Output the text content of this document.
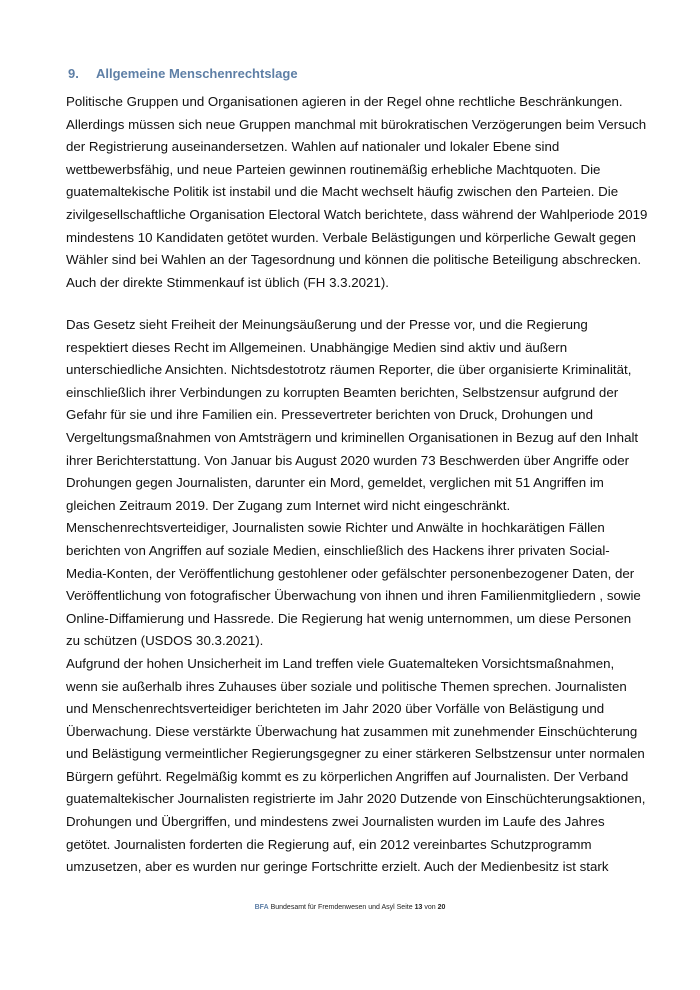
9. Allgemeine Menschenrechtslage
Politische Gruppen und Organisationen agieren in der Regel ohne rechtliche Beschränkungen.
Allerdings müssen sich neue Gruppen manchmal mit bürokratischen Verzögerungen beim Versuch
der Registrierung auseinandersetzen. Wahlen auf nationaler und lokaler Ebene sind
wettbewerbsfähig, und neue Parteien gewinnen routinemäßig erhebliche Machtquoten. Die
guatemaltekische Politik ist instabil und die Macht wechselt häufig zwischen den Parteien. Die
zivilgesellschaftliche Organisation Electoral Watch berichtete, dass während der Wahlperiode 2019
mindestens 10 Kandidaten getötet wurden. Verbale Belästigungen und körperliche Gewalt gegen
Wähler sind bei Wahlen an der Tagesordnung und können die politische Beteiligung abschrecken.
Auch der direkte Stimmenkauf ist üblich (FH 3.3.2021).
Das Gesetz sieht Freiheit der Meinungsäußerung und der Presse vor, und die Regierung
respektiert dieses Recht im Allgemeinen. Unabhängige Medien sind aktiv und äußern
unterschiedliche Ansichten. Nichtsdestotrotz räumen Reporter, die über organisierte Kriminalität,
einschließlich ihrer Verbindungen zu korrupten Beamten berichten, Selbstzensur aufgrund der
Gefahr für sie und ihre Familien ein. Pressevertreter berichten von Druck, Drohungen und
Vergeltungsmaßnahmen von Amtsträgern und kriminellen Organisationen in Bezug auf den Inhalt
ihrer Berichterstattung. Von Januar bis August 2020 wurden 73 Beschwerden über Angriffe oder
Drohungen gegen Journalisten, darunter ein Mord, gemeldet, verglichen mit 51 Angriffen im
gleichen Zeitraum 2019. Der Zugang zum Internet wird nicht eingeschränkt.
Menschenrechtsverteidiger, Journalisten sowie Richter und Anwälte in hochkarätigen Fällen
berichten von Angriffen auf soziale Medien, einschließlich des Hackens ihrer privaten Social-
Media-Konten, der Veröffentlichung gestohlener oder gefälschter personenbezogener Daten, der
Veröffentlichung von fotografischer Überwachung von ihnen und ihren Familienmitgliedern , sowie
Online-Diffamierung und Hassrede. Die Regierung hat wenig unternommen, um diese Personen
zu schützen (USDOS 30.3.2021).
Aufgrund der hohen Unsicherheit im Land treffen viele Guatemalteken Vorsichtsmaßnahmen,
wenn sie außerhalb ihres Zuhauses über soziale und politische Themen sprechen. Journalisten
und Menschenrechtsverteidiger berichteten im Jahr 2020 über Vorfälle von Belästigung und
Überwachung. Diese verstärkte Überwachung hat zusammen mit zunehmender Einschüchterung
und Belästigung vermeintlicher Regierungsgegner zu einer stärkeren Selbstzensur unter normalen
Bürgern geführt. Regelmäßig kommt es zu körperlichen Angriffen auf Journalisten. Der Verband
guatemaltekischer Journalisten registrierte im Jahr 2020 Dutzende von Einschüchterungsaktionen,
Drohungen und Übergriffen, und mindestens zwei Journalisten wurden im Laufe des Jahres
getötet. Journalisten forderten die Regierung auf, ein 2012 vereinbartes Schutzprogramm
umzusetzen, aber es wurden nur geringe Fortschritte erzielt. Auch der Medienbesitz ist stark
BFA Bundesamt für Fremdenwesen und Asyl Seite 13 von 20
